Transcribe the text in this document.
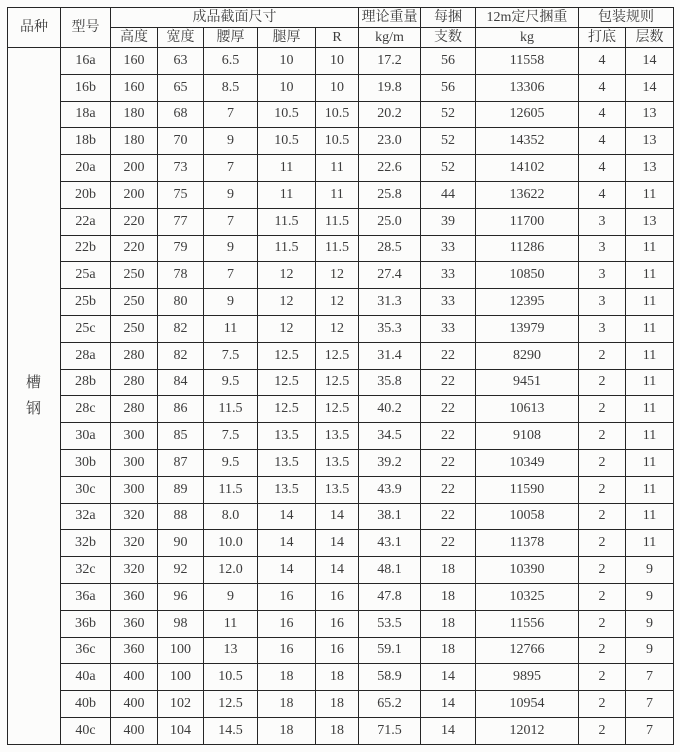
品种	型号	成品截面尺寸					理论重量	每捆	12m定尺捆重	包装规则	
		高度	宽度	腰厚	腿厚	R	kg/m	支数	kg	打底	层数

槽
钢	16a	160	63	6.5	10	10	17.2	56	11558	4	14
	16b	160	65	8.5	10	10	19.8	56	13306	4	14
	18a	180	68	7	10.5	10.5	20.2	52	12605	4	13
	18b	180	70	9	10.5	10.5	23.0	52	14352	4	13
	20a	200	73	7	11	11	22.6	52	14102	4	13
	20b	200	75	9	11	11	25.8	44	13622	4	11
	22a	220	77	7	11.5	11.5	25.0	39	11700	3	13
	22b	220	79	9	11.5	11.5	28.5	33	11286	3	11
	25a	250	78	7	12	12	27.4	33	10850	3	11
	25b	250	80	9	12	12	31.3	33	12395	3	11
	25c	250	82	11	12	12	35.3	33	13979	3	11
	28a	280	82	7.5	12.5	12.5	31.4	22	8290	2	11
	28b	280	84	9.5	12.5	12.5	35.8	22	9451	2	11
	28c	280	86	11.5	12.5	12.5	40.2	22	10613	2	11
	30a	300	85	7.5	13.5	13.5	34.5	22	9108	2	11
	30b	300	87	9.5	13.5	13.5	39.2	22	10349	2	11
	30c	300	89	11.5	13.5	13.5	43.9	22	11590	2	11
	32a	320	88	8.0	14	14	38.1	22	10058	2	11
	32b	320	90	10.0	14	14	43.1	22	11378	2	11
	32c	320	92	12.0	14	14	48.1	18	10390	2	9
	36a	360	96	9	16	16	47.8	18	10325	2	9
	36b	360	98	11	16	16	53.5	18	11556	2	9
	36c	360	100	13	16	16	59.1	18	12766	2	9
	40a	400	100	10.5	18	18	58.9	14	9895	2	7
	40b	400	102	12.5	18	18	65.2	14	10954	2	7
	40c	400	104	14.5	18	18	71.5	14	12012	2	7
